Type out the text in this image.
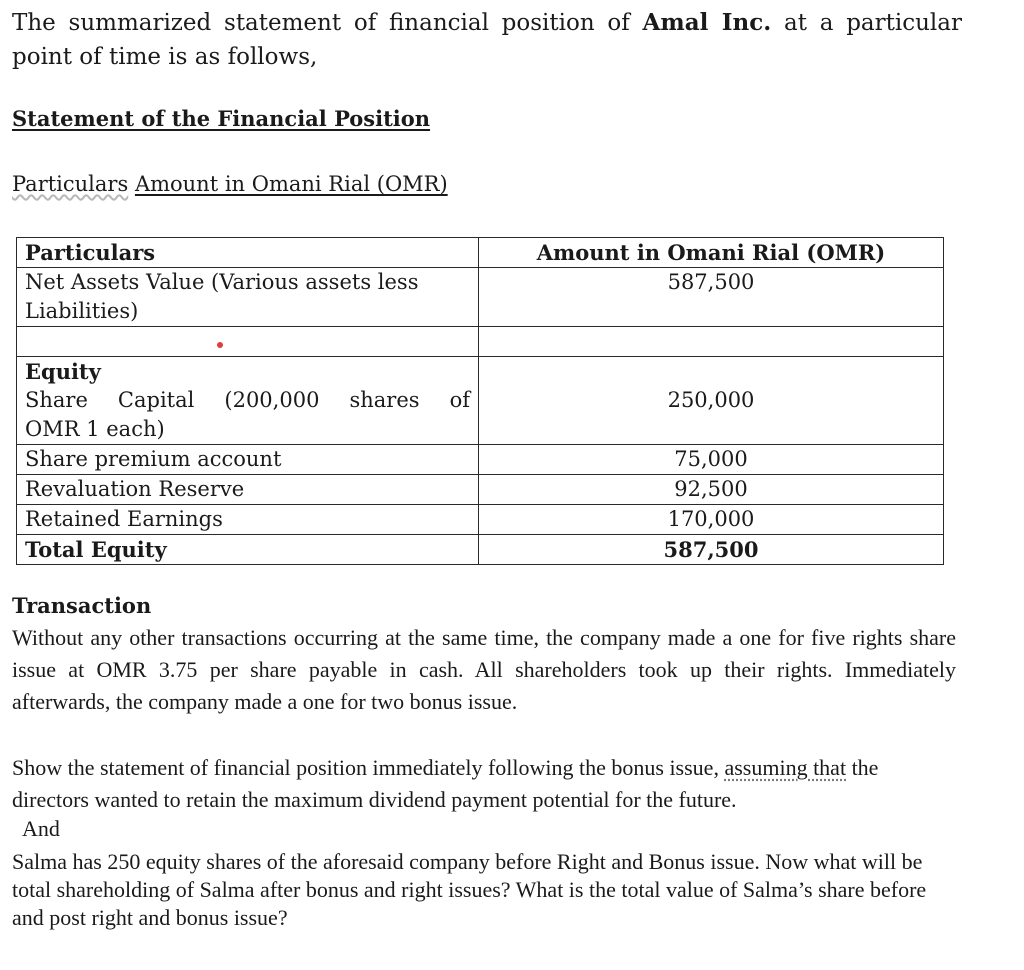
The summarized statement of financial position of Amal Inc. at a particular point of time is as follows,
Statement of the Financial Position
Particulars Amount in Omani Rial (OMR)
Particulars	Amount in Omani Rial (OMR)
Net Assets Value (Various assets less Liabilities)	587,500

Equity
Share Capital (200,000 shares of
OMR 1 each)	250,000
Share premium account	75,000
Revaluation Reserve	92,500
Retained Earnings	170,000
Total Equity	587,500
Transaction
Without any other transactions occurring at the same time, the company made a one for five rights share issue at OMR 3.75 per share payable in cash. All shareholders took up their rights. Immediately afterwards, the company made a one for two bonus issue.
Show the statement of financial position immediately following the bonus issue, assuming that the directors wanted to retain the maximum dividend payment potential for the future.
And
Salma has 250 equity shares of the aforesaid company before Right and Bonus issue. Now what will be total shareholding of Salma after bonus and right issues? What is the total value of Salma’s share before and post right and bonus issue?
